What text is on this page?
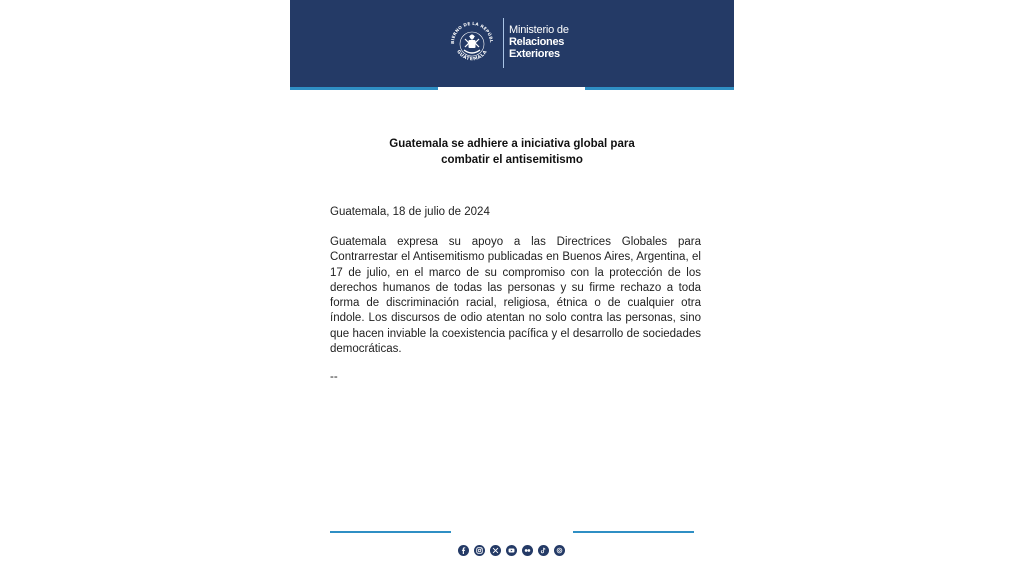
BIERNO DE LA REPÚBL
GUATEMALA
Ministerio de
Relaciones
Exteriores
Guatemala se adhiere a iniciativa global para
combatir el antisemitismo
Guatemala, 18 de julio de 2024
Guatemala expresa su apoyo a las Directrices Globales para Contrarrestar el Antisemitismo publicadas en Buenos Aires, Argentina, el 17 de julio, en el marco de su compromiso con la protección de los derechos humanos de todas las personas y su firme rechazo a toda forma de discriminación racial, religiosa, étnica o de cualquier otra índole. Los discursos de odio atentan no solo contra las personas, sino que hacen inviable la coexistencia pacífica y el desarrollo de sociedades democráticas.
--
